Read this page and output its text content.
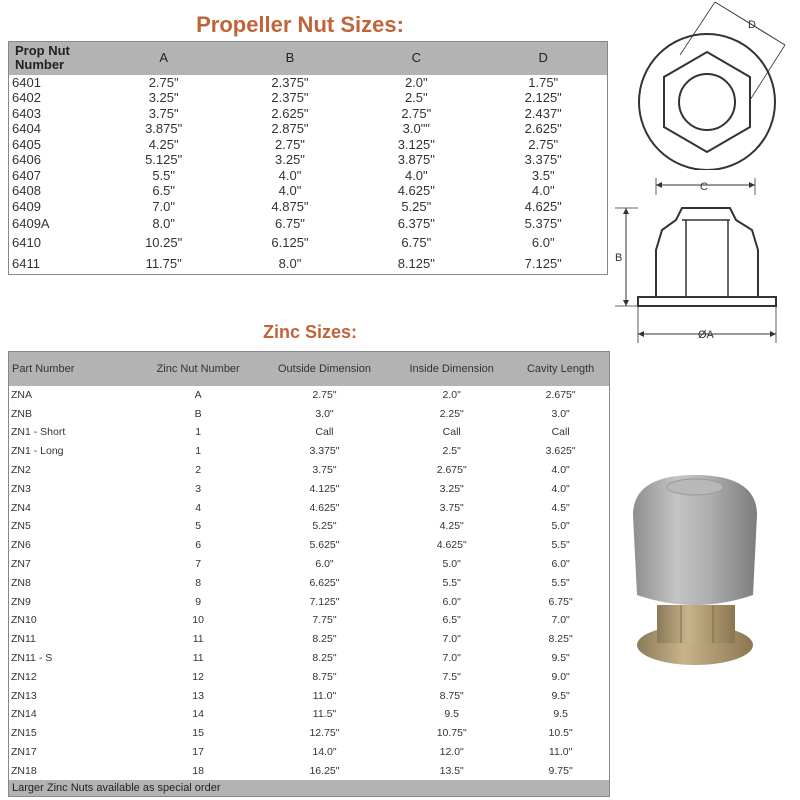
Propeller Nut Sizes:
Prop Nut Number	A	B	C	D
6401	2.75"	2.375"	2.0"	1.75"
6402	3.25"	2.375"	2.5"	2.125"
6403	3.75"	2.625"	2.75"	2.437"
6404	3.875"	2.875"	3.0""	2.625"
6405	4.25"	2.75"	3.125"	2.75"
6406	5.125"	3.25"	3.875"	3.375"
6407	5.5"	4.0"	4.0"	3.5"
6408	6.5"	4.0"	4.625"	4.0"
6409	7.0"	4.875"	5.25"	4.625"
6409A	8.0"	6.75"	6.375"	5.375"
6410	10.25"	6.125"	6.75"	6.0"
6411	11.75"	8.0"	8.125"	7.125"
Zinc Sizes:
Part Number	Zinc Nut Number	Outside Dimension	Inside Dimension	Cavity Length
ZNA	A	2.75"	2.0"	2.675"
ZNB	B	3.0"	2.25"	3.0"
ZN1 - Short	1	Call	Call	Call
ZN1 - Long	1	3.375"	2.5"	3.625"
ZN2	2	3.75"	2.675"	4.0"
ZN3	3	4.125"	3.25"	4.0"
ZN4	4	4.625"	3.75"	4.5"
ZN5	5	5.25"	4.25"	5.0"
ZN6	6	5.625"	4.625"	5.5"
ZN7	7	6.0"	5.0"	6.0"
ZN8	8	6.625"	5.5"	5.5"
ZN9	9	7.125"	6.0"	6.75"
ZN10	10	7.75"	6.5"	7.0"
ZN11	11	8.25"	7.0"	8.25"
ZN11 - S	11	8.25"	7.0"	9.5"
ZN12	12	8.75"	7.5"	9.0"
ZN13	13	11.0"	8.75"	9.5"
ZN14	14	11.5"	9.5	9.5
ZN15	15	12.75"	10.75"	10.5"
ZN17	17	14.0"	12.0"	11.0"
ZN18	18	16.25"	13.5"	9.75"
Larger Zinc Nuts available as special order				
D
C
B
ØA
